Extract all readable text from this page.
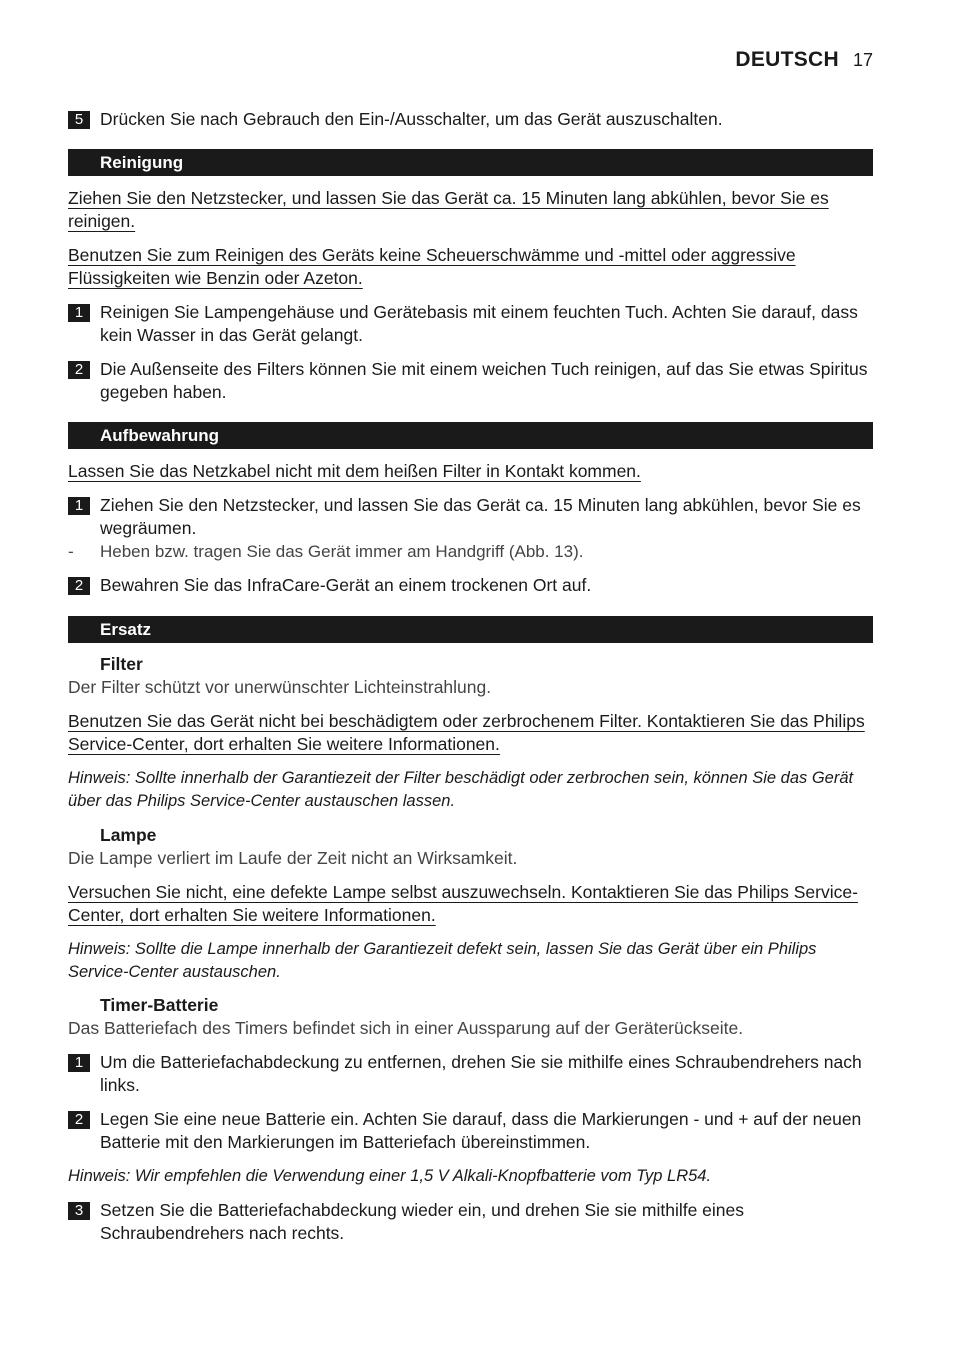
DEUTSCH 17
5 Drücken Sie nach Gebrauch den Ein-/Ausschalter, um das Gerät auszuschalten.
Reinigung
Ziehen Sie den Netzstecker, und lassen Sie das Gerät ca. 15 Minuten lang abkühlen, bevor Sie es reinigen.
Benutzen Sie zum Reinigen des Geräts keine Scheuerschwämme und -mittel oder aggressive Flüssigkeiten wie Benzin oder Azeton.
1 Reinigen Sie Lampengehäuse und Gerätebasis mit einem feuchten Tuch. Achten Sie darauf, dass kein Wasser in das Gerät gelangt.
2 Die Außenseite des Filters können Sie mit einem weichen Tuch reinigen, auf das Sie etwas Spiritus gegeben haben.
Aufbewahrung
Lassen Sie das Netzkabel nicht mit dem heißen Filter in Kontakt kommen.
1 Ziehen Sie den Netzstecker, und lassen Sie das Gerät ca. 15 Minuten lang abkühlen, bevor Sie es wegräumen.
-	Heben bzw. tragen Sie das Gerät immer am Handgriff (Abb. 13).
2 Bewahren Sie das InfraCare-Gerät an einem trockenen Ort auf.
Ersatz
Filter
Der Filter schützt vor unerwünschter Lichteinstrahlung.
Benutzen Sie das Gerät nicht bei beschädigtem oder zerbrochenem Filter. Kontaktieren Sie das Philips Service-Center, dort erhalten Sie weitere Informationen.
Hinweis: Sollte innerhalb der Garantiezeit der Filter beschädigt oder zerbrochen sein, können Sie das Gerät über das Philips Service-Center austauschen lassen.
Lampe
Die Lampe verliert im Laufe der Zeit nicht an Wirksamkeit.
Versuchen Sie nicht, eine defekte Lampe selbst auszuwechseln. Kontaktieren Sie das Philips Service-Center, dort erhalten Sie weitere Informationen.
Hinweis: Sollte die Lampe innerhalb der Garantiezeit defekt sein, lassen Sie das Gerät über ein Philips Service-Center austauschen.
Timer-Batterie
Das Batteriefach des Timers befindet sich in einer Aussparung auf der Geräterückseite.
1 Um die Batteriefachabdeckung zu entfernen, drehen Sie sie mithilfe eines Schraubendrehers nach links.
2 Legen Sie eine neue Batterie ein. Achten Sie darauf, dass die Markierungen - und + auf der neuen Batterie mit den Markierungen im Batteriefach übereinstimmen.
Hinweis: Wir empfehlen die Verwendung einer 1,5 V Alkali-Knopfbatterie vom Typ LR54.
3 Setzen Sie die Batteriefachabdeckung wieder ein, und drehen Sie sie mithilfe eines Schraubendrehers nach rechts.
